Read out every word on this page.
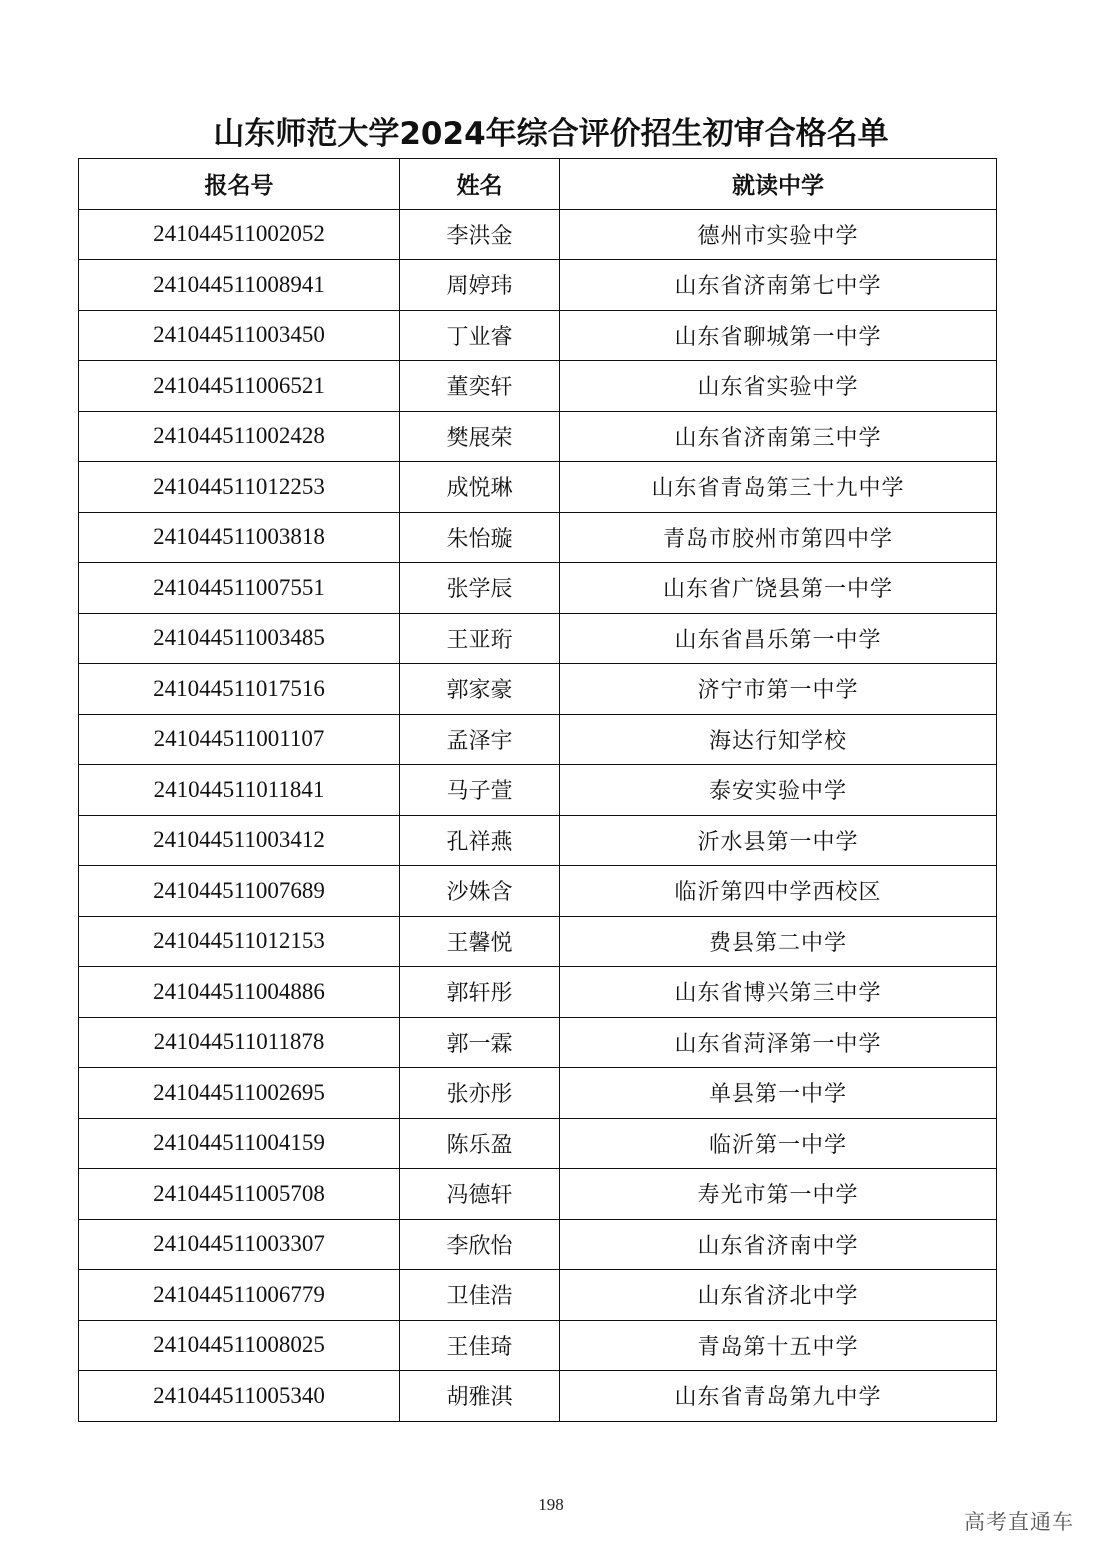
山东师范大学2024年综合评价招生初审合格名单
报名号	姓名	就读中学
241044511002052	李洪金	德州市实验中学
241044511008941	周婷玮	山东省济南第七中学
241044511003450	丁业睿	山东省聊城第一中学
241044511006521	董奕轩	山东省实验中学
241044511002428	樊展荣	山东省济南第三中学
241044511012253	成悦琳	山东省青岛第三十九中学
241044511003818	朱怡璇	青岛市胶州市第四中学
241044511007551	张学辰	山东省广饶县第一中学
241044511003485	王亚珩	山东省昌乐第一中学
241044511017516	郭家豪	济宁市第一中学
241044511001107	孟泽宇	海达行知学校
241044511011841	马子萱	泰安实验中学
241044511003412	孔祥燕	沂水县第一中学
241044511007689	沙姝含	临沂第四中学西校区
241044511012153	王馨悦	费县第二中学
241044511004886	郭轩彤	山东省博兴第三中学
241044511011878	郭一霖	山东省菏泽第一中学
241044511002695	张亦彤	单县第一中学
241044511004159	陈乐盈	临沂第一中学
241044511005708	冯德轩	寿光市第一中学
241044511003307	李欣怡	山东省济南中学
241044511006779	卫佳浩	山东省济北中学
241044511008025	王佳琦	青岛第十五中学
241044511005340	胡雅淇	山东省青岛第九中学
198
高考直通车
